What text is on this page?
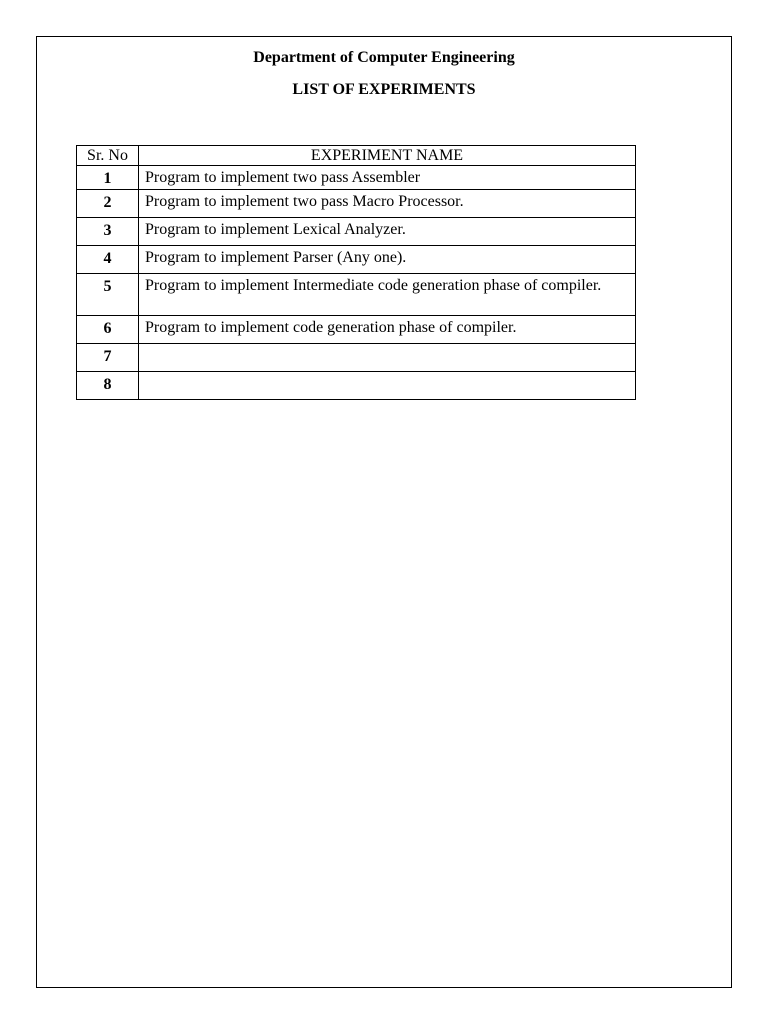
Department of Computer Engineering
LIST OF EXPERIMENTS
Sr. No	EXPERIMENT NAME
1	Program to implement two pass Assembler
2	Program to implement two pass Macro Processor.
3	Program to implement Lexical Analyzer.
4	Program to implement Parser (Any one).
5	Program to implement Intermediate code generation phase of compiler.
6	Program to implement code generation phase of compiler.
7	
8	
